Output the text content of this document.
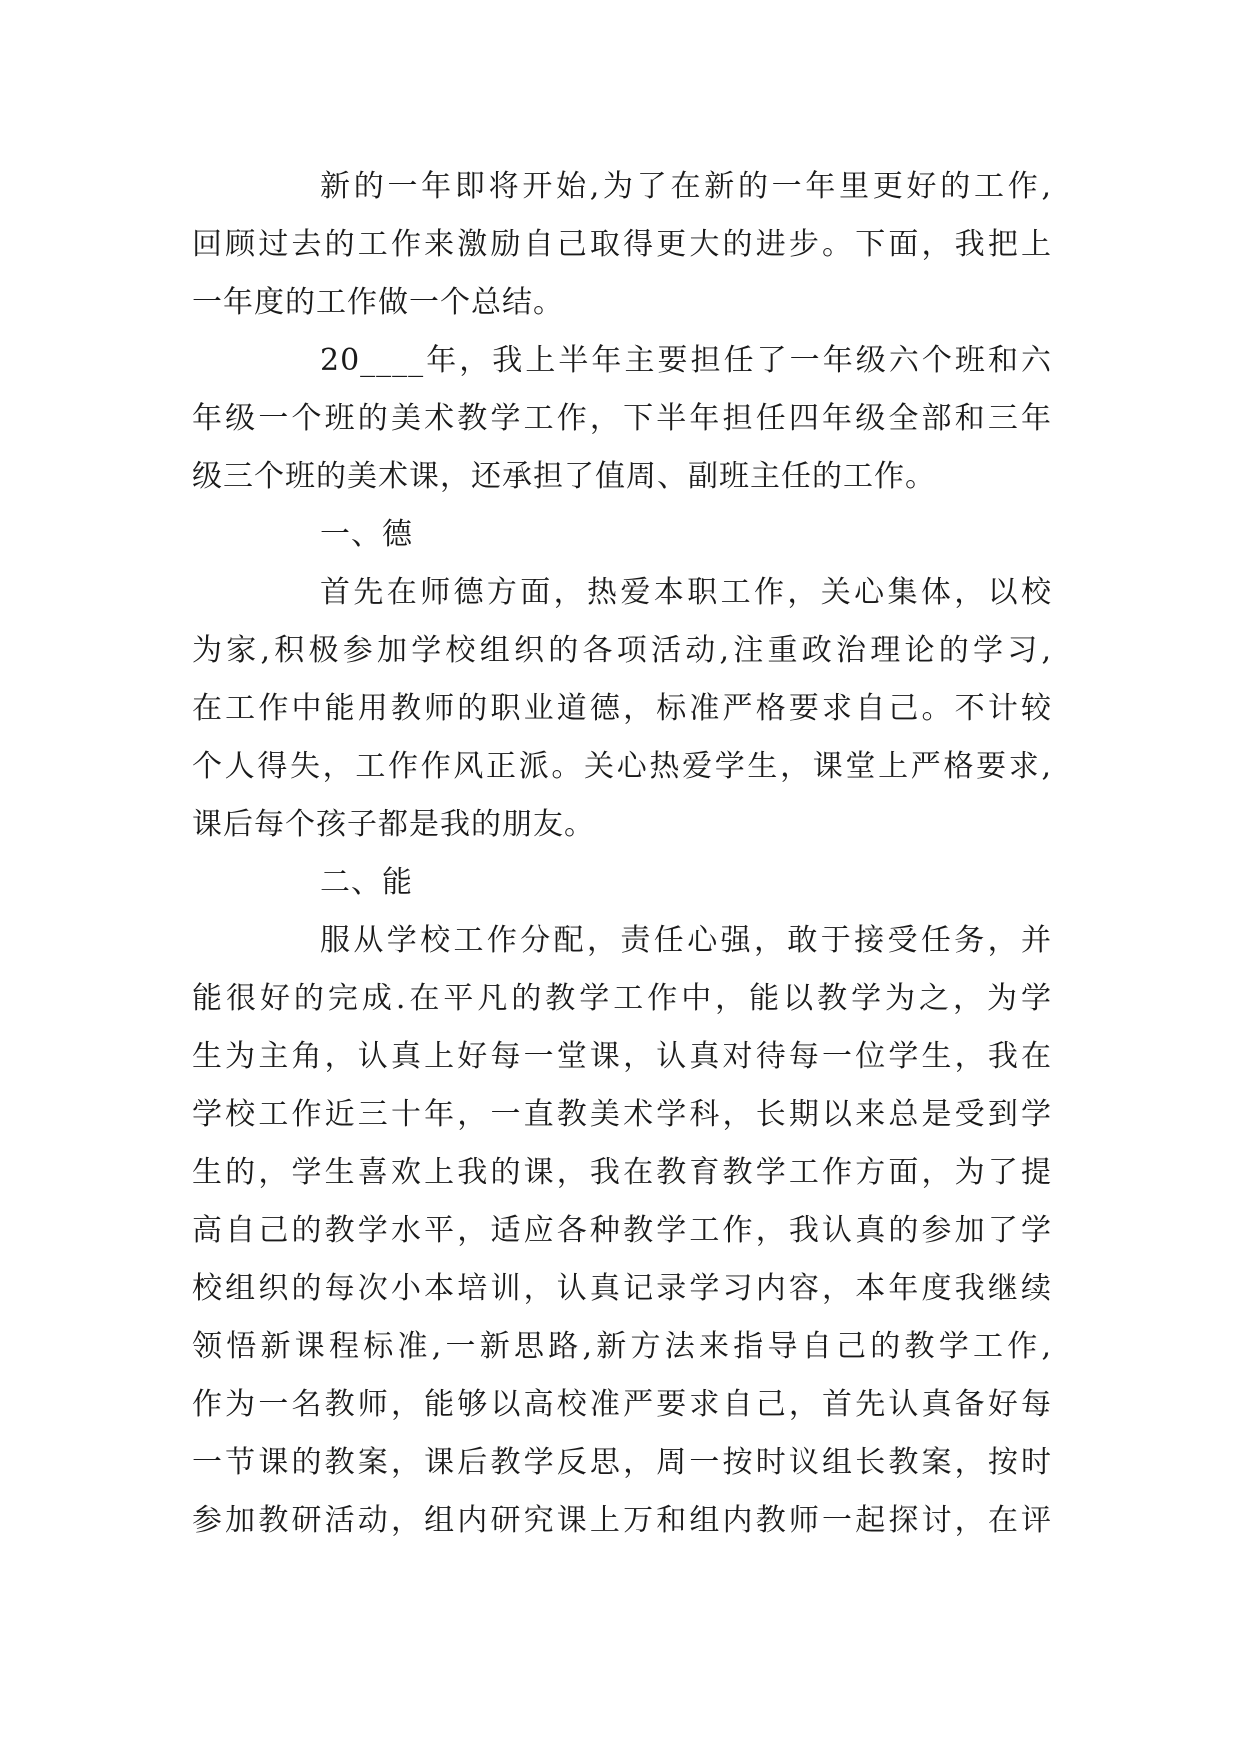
新的一年即将开始,为了在新的一年里更好的工作,
回顾过去的工作来激励自己取得更大的进步。下面，我把上
一年度的工作做一个总结。
20____年，我上半年主要担任了一年级六个班和六
年级一个班的美术教学工作，下半年担任四年级全部和三年
级三个班的美术课，还承担了值周、副班主任的工作。
一、德
首先在师德方面，热爱本职工作，关心集体，以校
为家,积极参加学校组织的各项活动,注重政治理论的学习,
在工作中能用教师的职业道德，标准严格要求自己。不计较
个人得失，工作作风正派。关心热爱学生，课堂上严格要求,
课后每个孩子都是我的朋友。
二、能
服从学校工作分配，责任心强，敢于接受任务，并
能很好的完成.在平凡的教学工作中，能以教学为之，为学
生为主角，认真上好每一堂课，认真对待每一位学生，我在
学校工作近三十年，一直教美术学科，长期以来总是受到学
生的，学生喜欢上我的课，我在教育教学工作方面，为了提
高自己的教学水平，适应各种教学工作，我认真的参加了学
校组织的每次小本培训，认真记录学习内容，本年度我继续
领悟新课程标准,一新思路,新方法来指导自己的教学工作,
作为一名教师，能够以高校准严要求自己，首先认真备好每
一节课的教案，课后教学反思，周一按时议组长教案，按时
参加教研活动，组内研究课上万和组内教师一起探讨，在评
